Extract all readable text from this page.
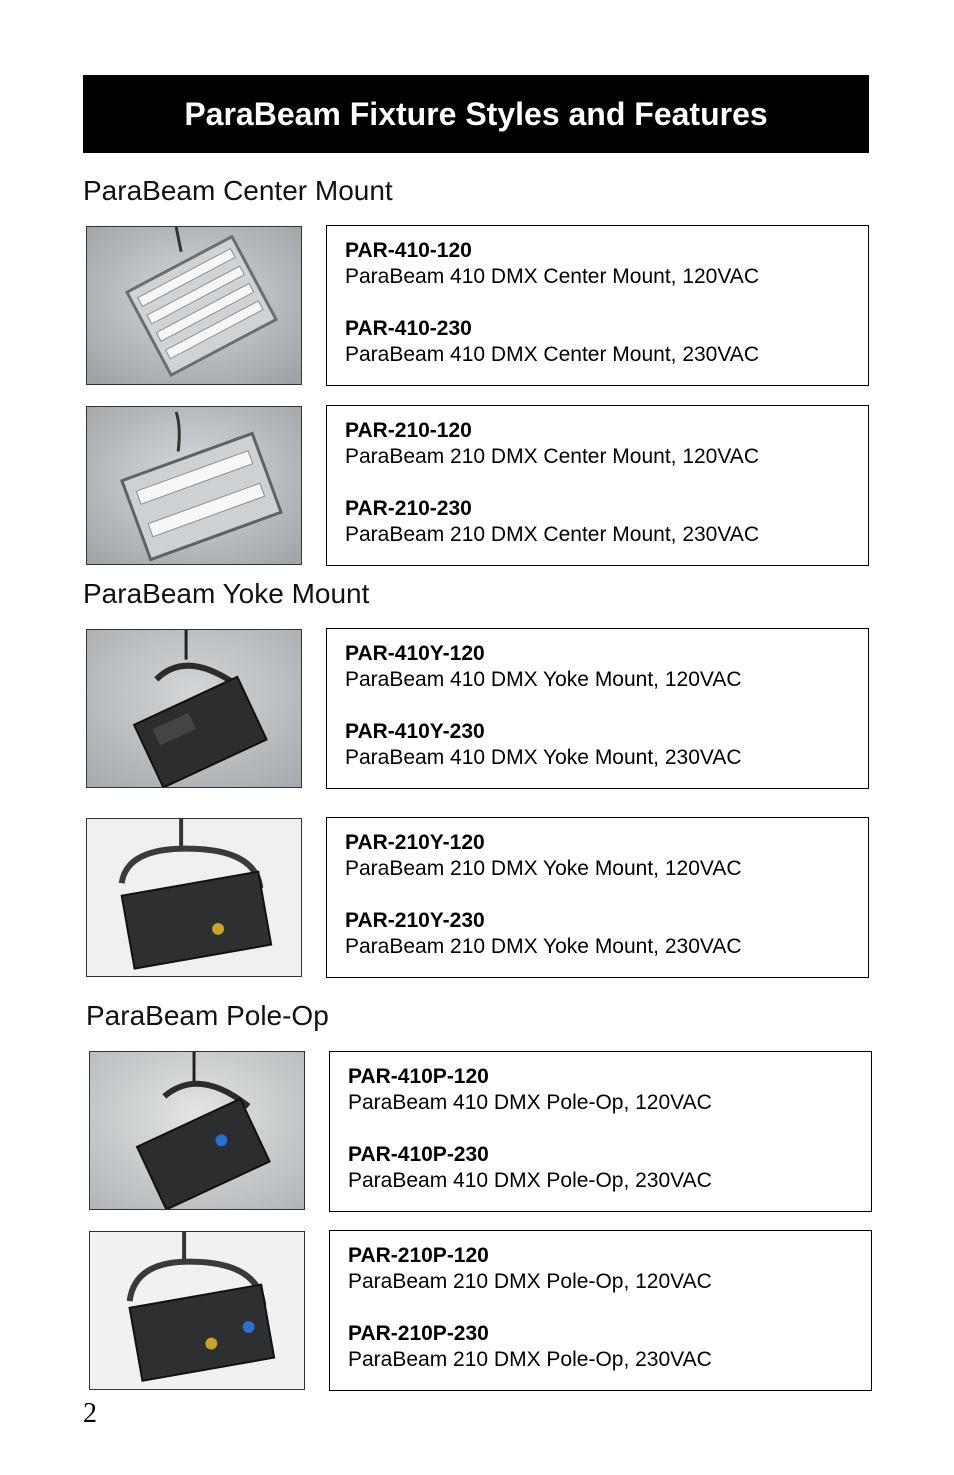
ParaBeam Fixture Styles and Features
ParaBeam Center Mount
PAR-410-120
ParaBeam 410 DMX Center Mount, 120VAC
PAR-410-230
ParaBeam 410 DMX Center Mount, 230VAC
PAR-210-120
ParaBeam 210 DMX Center Mount, 120VAC
PAR-210-230
ParaBeam 210 DMX Center Mount, 230VAC
ParaBeam Yoke Mount
PAR-410Y-120
ParaBeam 410 DMX Yoke Mount, 120VAC
PAR-410Y-230
ParaBeam 410 DMX Yoke Mount, 230VAC
PAR-210Y-120
ParaBeam 210 DMX Yoke Mount, 120VAC
PAR-210Y-230
ParaBeam 210 DMX Yoke Mount, 230VAC
ParaBeam Pole-Op
PAR-410P-120
ParaBeam 410 DMX Pole-Op, 120VAC
PAR-410P-230
ParaBeam 410 DMX Pole-Op, 230VAC
PAR-210P-120
ParaBeam 210 DMX Pole-Op, 120VAC
PAR-210P-230
ParaBeam 210 DMX Pole-Op, 230VAC
2
